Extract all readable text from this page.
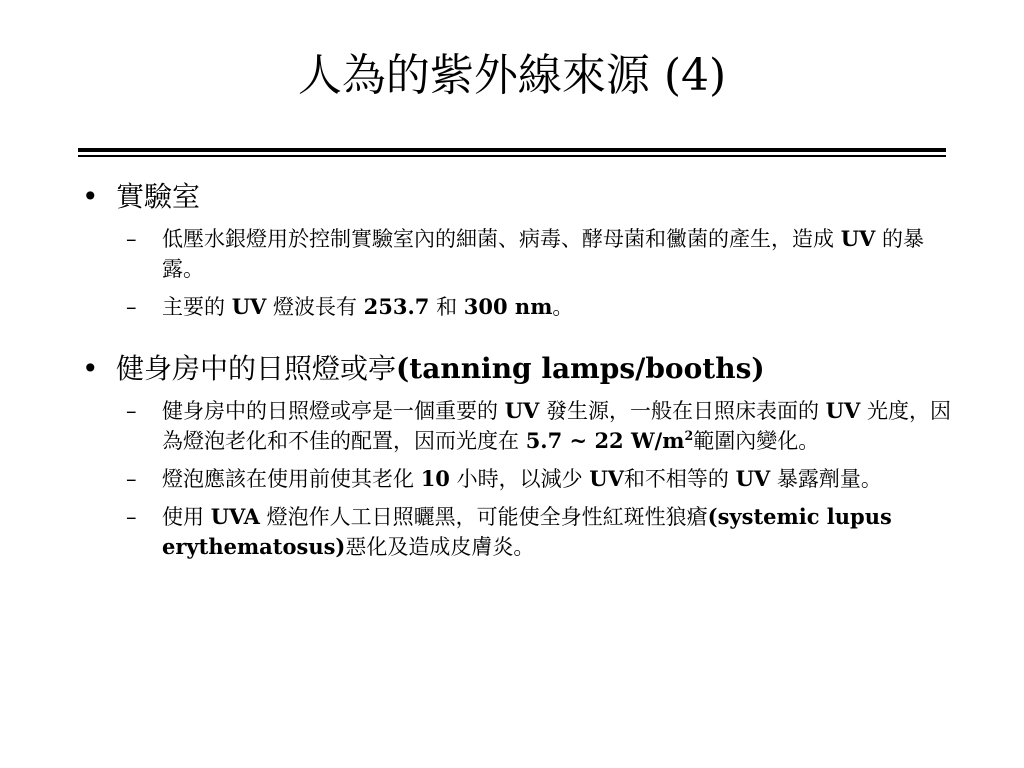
人為的紫外線來源 (4)
• 實驗室
– 低壓水銀燈用於控制實驗室內的細菌、病毒、酵母菌和黴菌的產生，造成 UV 的暴露。
– 主要的 UV 燈波長有 253.7 和 300 nm。
• 健身房中的日照燈或亭(tanning lamps/booths)
– 健身房中的日照燈或亭是一個重要的 UV 發生源，一般在日照床表面的 UV 光度，因為燈泡老化和不佳的配置，因而光度在 5.7 ~ 22 $W/m^2$範圍內變化。
– 燈泡應該在使用前使其老化 10 小時，以減少 UV和不相等的 UV 暴露劑量。
– 使用 UVA 燈泡作人工日照曬黑，可能使全身性紅斑性狼瘡(systemic lupus erythematosus)惡化及造成皮膚炎。
